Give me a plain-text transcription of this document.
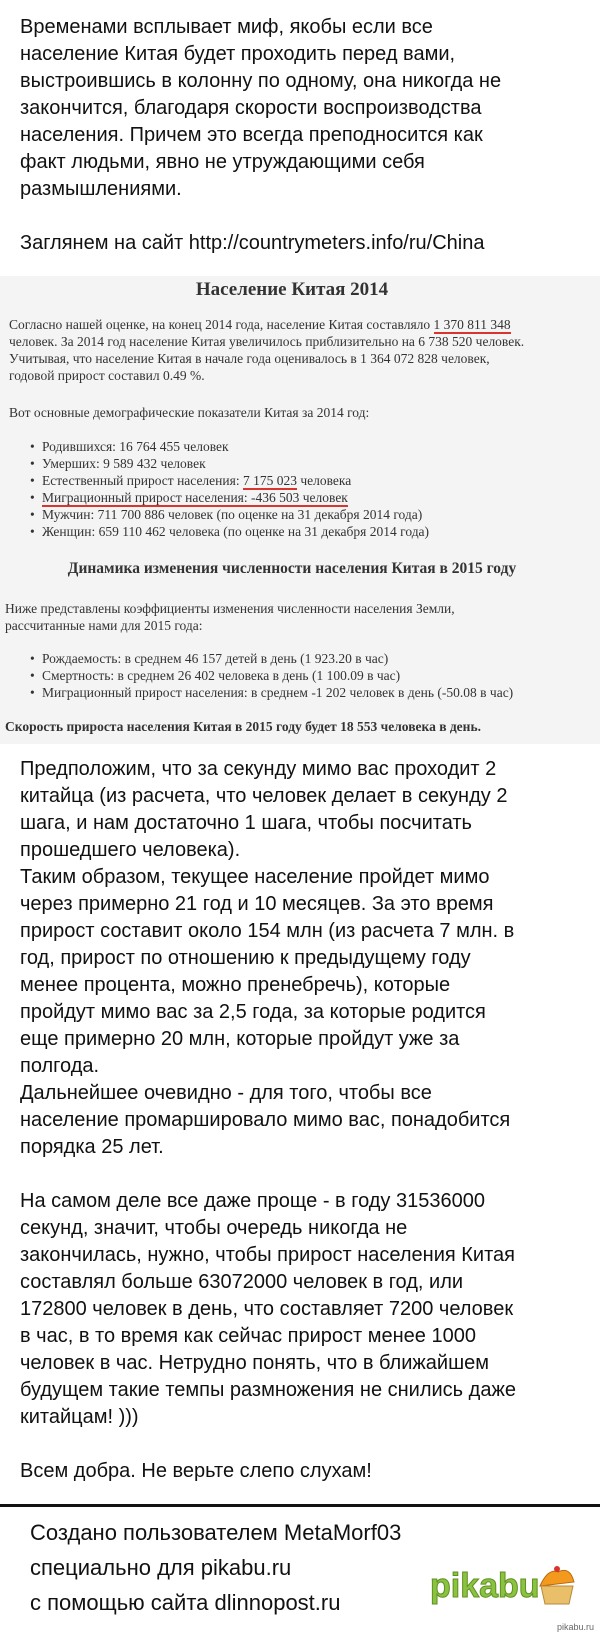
Временами всплывает миф, якобы если все

население Китая будет проходить перед вами,

выстроившись в колонну по одному, она никогда не

закончится, благодаря скорости воспроизводства

населения. Причем это всегда преподносится как

факт людьми, явно не утруждающими себя

размышлениями.

Заглянем на сайт http://countrymeters.info/ru/China

Население Китая 2014
Согласно нашей оценке, на конец 2014 года, население Китая составляло 1 370 811 348
человек. За 2014 год население Китая увеличилось приблизительно на 6 738 520 человек.
Учитывая, что население Китая в начале года оценивалось в 1 364 072 828 человек,
годовой прирост составил 0.49 %.
Вот основные демографические показатели Китая за 2014 год:
• Родившихся: 16 764 455 человек
• Умерших: 9 589 432 человек
• Естественный прирост населения: 7 175 023 человека
• Миграционный прирост населения: -436 503 человек
• Мужчин: 711 700 886 человек (по оценке на 31 декабря 2014 года)
• Женщин: 659 110 462 человека (по оценке на 31 декабря 2014 года)
Динамика изменения численности населения Китая в 2015 году
Ниже представлены коэффициенты изменения численности населения Земли,
рассчитанные нами для 2015 года:
• Рождаемость: в среднем 46 157 детей в день (1 923.20 в час)
• Смертность: в среднем 26 402 человека в день (1 100.09 в час)
• Миграционный прирост населения: в среднем -1 202 человек в день (-50.08 в час)
Скорость прироста населения Китая в 2015 году будет 18 553 человека в день.

Предположим, что за секунду мимо вас проходит 2

китайца (из расчета, что человек делает в секунду 2

шага, и нам достаточно 1 шага, чтобы посчитать

прошедшего человека).

Таким образом, текущее население пройдет мимо

через примерно 21 год и 10 месяцев. За это время

прирост составит около 154 млн (из расчета 7 млн. в

год, прирост по отношению к предыдущему году

менее процента, можно пренебречь), которые

пройдут мимо вас за 2,5 года, за которые родится

еще примерно 20 млн, которые пройдут уже за

полгода.

Дальнейшее очевидно - для того, чтобы все

население промаршировало мимо вас, понадобится

порядка 25 лет.

На самом деле все даже проще - в году 31536000

секунд, значит, чтобы очередь никогда не

закончилась, нужно, чтобы прирост населения Китая

составлял больше 63072000 человек в год, или

172800 человек в день, что составляет 7200 человек

в час, в то время как сейчас прирост менее 1000

человек в час. Нетрудно понять, что в ближайшем

будущем такие темпы размножения не снились даже

китайцам! )))

Всем добра. Не верьте слепо слухам!

Создано пользователем MetaMorf03
специально для pikabu.ru
с помощью сайта dlinnopost.ru	pikabu
pikabu.ru
